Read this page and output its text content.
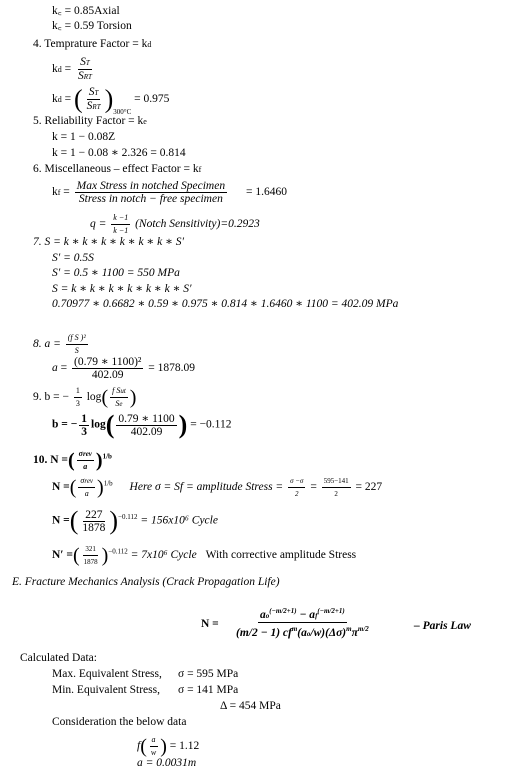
k꜀ = 0.85Axial
k꜀ = 0.59 Torsion
4. Temprature Factor = kd
kd = $\frac{ST}{\text{SRT}}$
kd = ( $\frac{ST}{\text{SRT}} )_{300^\circ C} = 0.975$
5. Reliability Factor = ke
k = 1 − 0.08Z
k = 1 − 0.08 ∗ 2.326 = 0.814
6. Miscellaneous – effect Factor = kf
kf = $\frac{\text{Max Stress in notched Specimen}}{\text{Stress in notch − free specimen}} = 1.6460$
$q = \frac{k -1}{k -1}$ (Notch Sensitivity)=0.2923
7. S = k ∗ k ∗ k ∗ k ∗ k ∗ k ∗ S′
S′ = 0.5S
S′ = 0.5 ∗ 1100 = 550 MPa
S = k ∗ k ∗ k ∗ k ∗ k ∗ k ∗ S′
0.70977 ∗ 0.6682 ∗ 0.59 ∗ 0.975 ∗ 0.814 ∗ 1.6460 ∗ 1100 = 402.09 MPa
8. $a = \frac{\text{(f S )²}}{S}$
$a = \frac{\text{(0.79 ∗ 1100)²}}{402.09} = 1878.09$
9. b = − $\frac{1}{3} \log( \frac{\text{f Sut}}{Se}$ )
b = − $\frac{1}{3} \log( \frac{0.79 ∗ 1100}{402.09}$ ) = −0.112
10. N =( $\frac{\text{σrev}}{a} )^{1/b}$
N =( $\frac{\text{σrev}}{a} )^{1/b}$ Here σ = Sf = amplitude Stress = $\frac{\sigma -\sigma}{2} = \frac{595-141}{2} = 227$
N =( $\frac{227}{1878} )^{-0.112} = 156x10^6$ Cycle
N′ =( $\frac{321}{1878} )^{-0.112} = 7x10^6$ Cycle With corrective amplitude Stress
E. Fracture Mechanics Analysis (Crack Propagation Life)
$N = \frac{ao^{(-m/2+1)} - af^{(-m/2+1)}}{(m/2 - 1) cf^m(ao/w)(\Delta\sigma)^m\pi^{m/2}}$	– Paris Law
Calculated Data:
Max. Equivalent Stress, σ = 595 MPa
Min. Equivalent Stress, σ = 141 MPa
Δ = 454 MPa
Consideration the below data
$f( \frac{a}{w}$ ) = 1.12
a = 0.0031m
